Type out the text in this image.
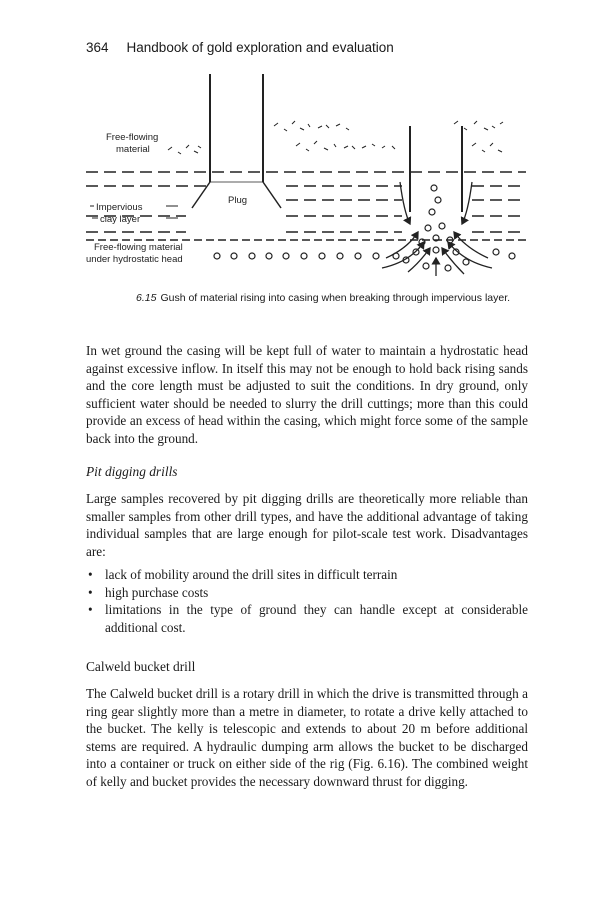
364 Handbook of gold exploration and evaluation
Free-flowing
material
Impervious
clay layer
Plug
Free-flowing material
under hydrostatic head
6.15 Gush of material rising into casing when breaking through impervious layer.
In wet ground the casing will be kept full of water to maintain a hydrostatic head against excessive inflow. In itself this may not be enough to hold back rising sands and the core length must be adjusted to suit the conditions. In dry ground, only sufficient water should be needed to slurry the drill cuttings; more than this could provide an excess of head within the casing, which might force some of the sample back into the ground.
Pit digging drills
Large samples recovered by pit digging drills are theoretically more reliable than smaller samples from other drill types, and have the additional advantage of taking individual samples that are large enough for pilot-scale test work. Disadvantages are:
• lack of mobility around the drill sites in difficult terrain
• high purchase costs
• limitations in the type of ground they can handle except at considerable additional cost.
Calweld bucket drill
The Calweld bucket drill is a rotary drill in which the drive is transmitted through a ring gear slightly more than a metre in diameter, to rotate a drive kelly attached to the bucket. The kelly is telescopic and extends to about 20 m before additional stems are required. A hydraulic dumping arm allows the bucket to be discharged into a container or truck on either side of the rig (Fig. 6.16). The combined weight of kelly and bucket provides the necessary downward thrust for digging.
